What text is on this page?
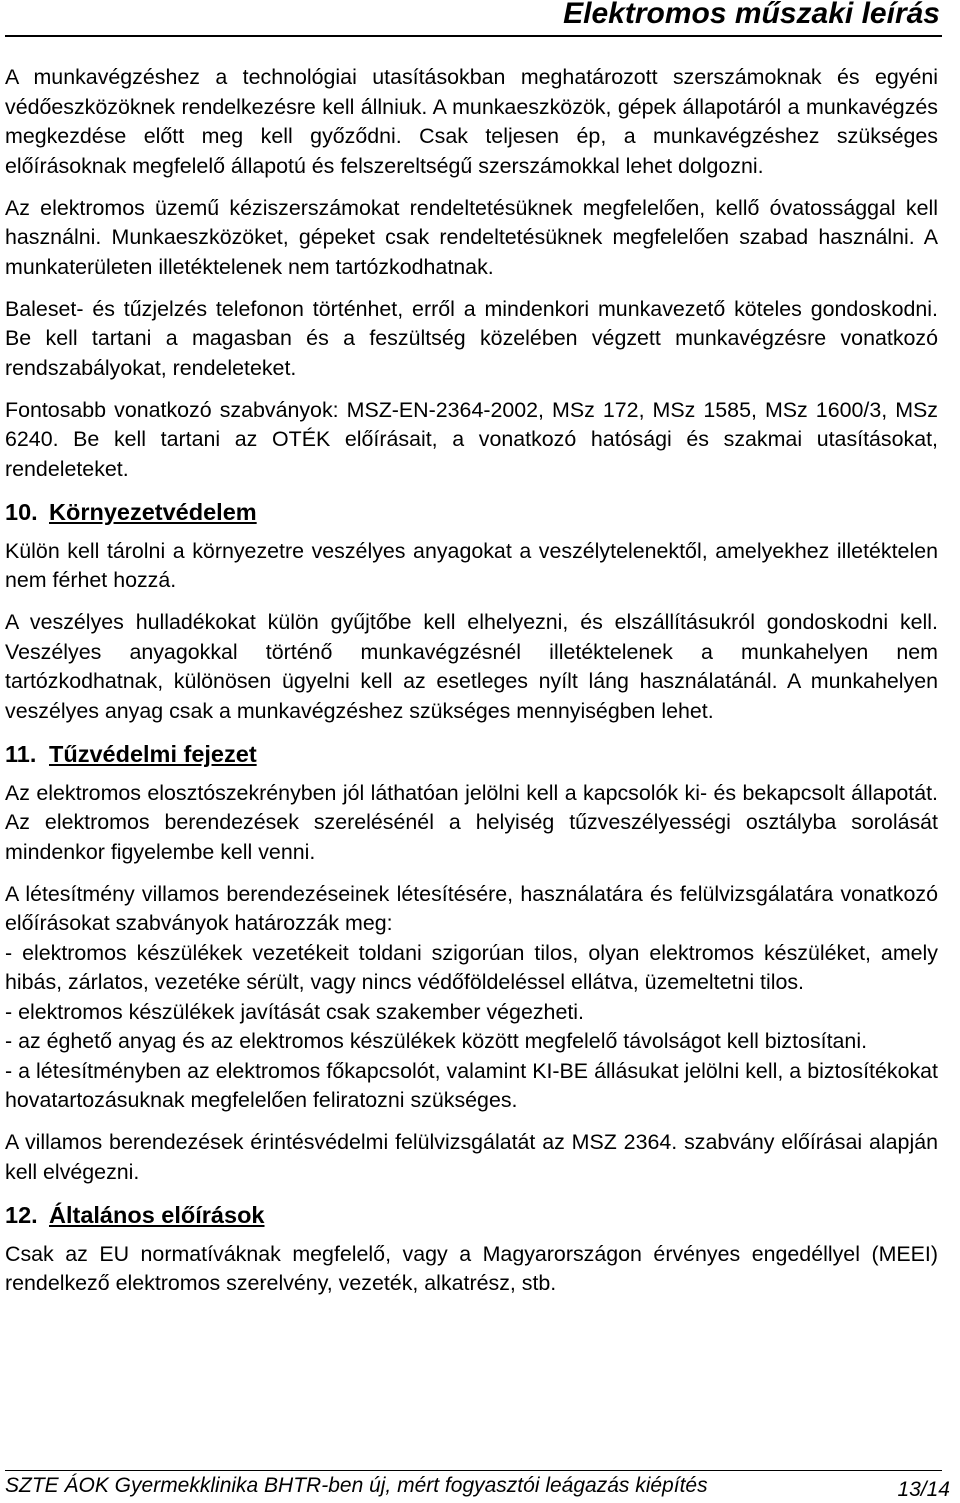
Elektromos műszaki leírás

A munkavégzéshez a technológiai utasításokban meghatározott szerszámoknak és egyéni védőeszközöknek rendelkezésre kell állniuk. A munkaeszközök, gépek állapotáról a munkavégzés megkezdése előtt meg kell győződni. Csak teljesen ép, a munkavégzéshez szükséges előírásoknak megfelelő állapotú és felszereltségű szerszámokkal lehet dolgozni.

Az elektromos üzemű kéziszerszámokat rendeltetésüknek megfelelően, kellő óvatossággal kell használni. Munkaeszközöket, gépeket csak rendeltetésüknek megfelelően szabad használni. A munkaterületen illetéktelenek nem tartózkodhatnak.

Baleset- és tűzjelzés telefonon történhet, erről a mindenkori munkavezető köteles gondoskodni. Be kell tartani a magasban és a feszültség közelében végzett munkavégzésre vonatkozó rendszabályokat, rendeleteket.

Fontosabb vonatkozó szabványok: MSZ-EN-2364-2002, MSz 172, MSz 1585, MSz 1600/3, MSz 6240. Be kell tartani az OTÉK előírásait, a vonatkozó hatósági és szakmai utasításokat, rendeleteket.

10. Környezetvédelem

Külön kell tárolni a környezetre veszélyes anyagokat a veszélytelenektől, amelyekhez illetéktelen nem férhet hozzá.

A veszélyes hulladékokat külön gyűjtőbe kell elhelyezni, és elszállításukról gondoskodni kell. Veszélyes anyagokkal történő munkavégzésnél illetéktelenek a munkahelyen nem tartózkodhatnak, különösen ügyelni kell az esetleges nyílt láng használatánál. A munkahelyen veszélyes anyag csak a munkavégzéshez szükséges mennyiségben lehet.

11. Tűzvédelmi fejezet

Az elektromos elosztószekrényben jól láthatóan jelölni kell a kapcsolók ki- és bekapcsolt állapotát. Az elektromos berendezések szerelésénél a helyiség tűzveszélyességi osztályba sorolását mindenkor figyelembe kell venni.

A létesítmény villamos berendezéseinek létesítésére, használatára és felülvizsgálatára vonatkozó előírásokat szabványok határozzák meg:

- elektromos készülékek vezetékeit toldani szigorúan tilos, olyan elektromos készüléket, amely hibás, zárlatos, vezetéke sérült, vagy nincs védőföldeléssel ellátva, üzemeltetni tilos.

- elektromos készülékek javítását csak szakember végezheti.

- az éghető anyag és az elektromos készülékek között megfelelő távolságot kell biztosítani.

- a létesítményben az elektromos főkapcsolót, valamint KI-BE állásukat jelölni kell, a biztosítékokat hovatartozásuknak megfelelően feliratozni szükséges.

A villamos berendezések érintésvédelmi felülvizsgálatát az MSZ 2364. szabvány előírásai alapján kell elvégezni.

12. Általános előírások

Csak az EU normatíváknak megfelelő, vagy a Magyarországon érvényes engedéllyel (MEEI) rendelkező elektromos szerelvény, vezeték, alkatrész, stb.

SZTE ÁOK Gyermekklinika BHTR-ben új, mért fogyasztói leágazás kiépítés	13/14
